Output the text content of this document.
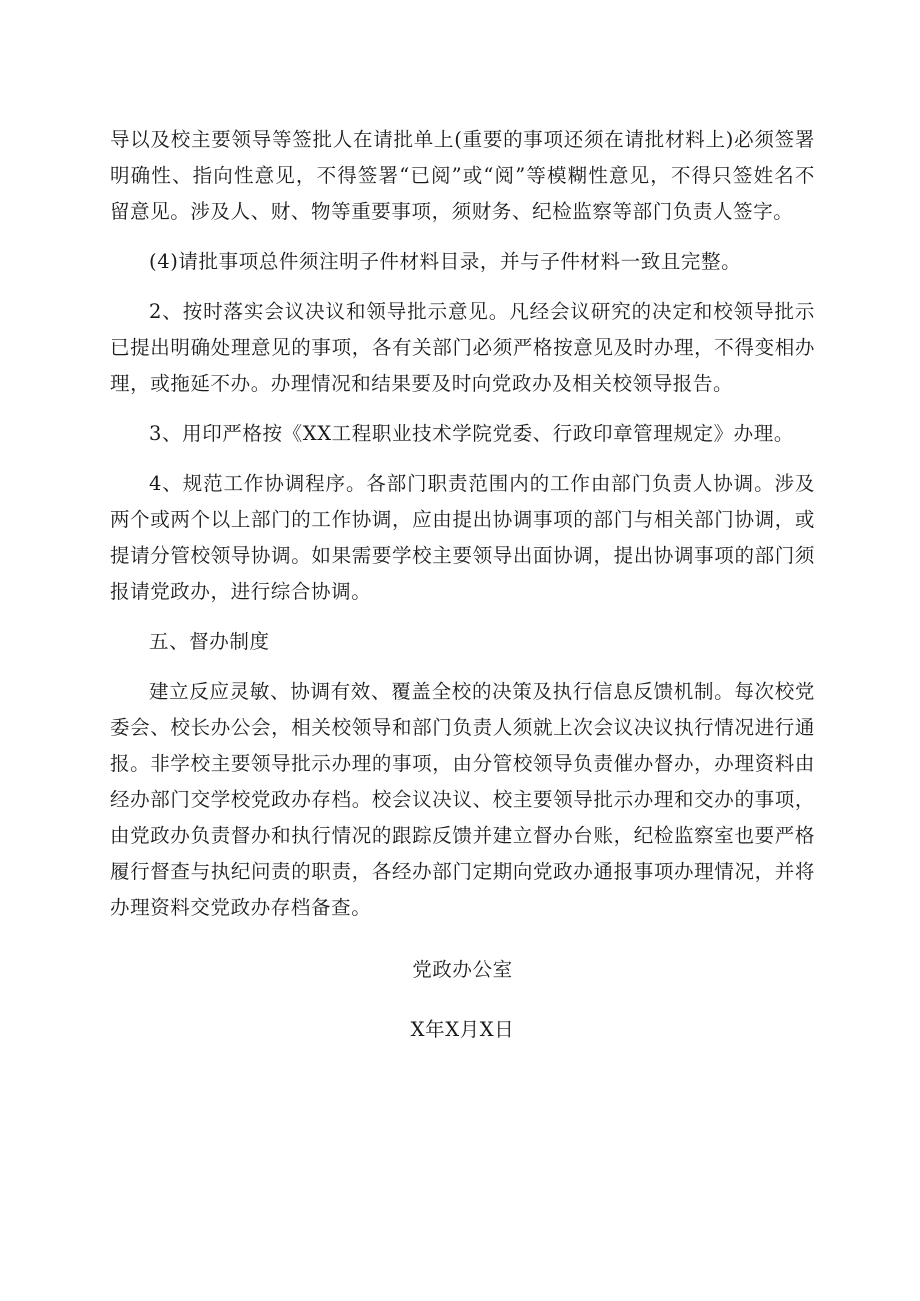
导以及校主要领导等签批人在请批单上(重要的事项还须在请批材料上)必须签署明确性、指向性意见，不得签署“已阅”或“阅”等模糊性意见，不得只签姓名不留意见。涉及人、财、物等重要事项，须财务、纪检监察等部门负责人签字。

(4)请批事项总件须注明子件材料目录，并与子件材料一致且完整。

2、按时落实会议决议和领导批示意见。凡经会议研究的决定和校领导批示已提出明确处理意见的事项，各有关部门必须严格按意见及时办理，不得变相办理，或拖延不办。办理情况和结果要及时向党政办及相关校领导报告。

3、用印严格按《XX工程职业技术学院党委、行政印章管理规定》办理。

4、规范工作协调程序。各部门职责范围内的工作由部门负责人协调。涉及两个或两个以上部门的工作协调，应由提出协调事项的部门与相关部门协调，或提请分管校领导协调。如果需要学校主要领导出面协调，提出协调事项的部门须报请党政办，进行综合协调。

五、督办制度

建立反应灵敏、协调有效、覆盖全校的决策及执行信息反馈机制。每次校党委会、校长办公会，相关校领导和部门负责人须就上次会议决议执行情况进行通报。非学校主要领导批示办理的事项，由分管校领导负责催办督办，办理资料由经办部门交学校党政办存档。校会议决议、校主要领导批示办理和交办的事项，由党政办负责督办和执行情况的跟踪反馈并建立督办台账，纪检监察室也要严格履行督查与执纪问责的职责，各经办部门定期向党政办通报事项办理情况，并将办理资料交党政办存档备查。

党政办公室

X年X月X日
